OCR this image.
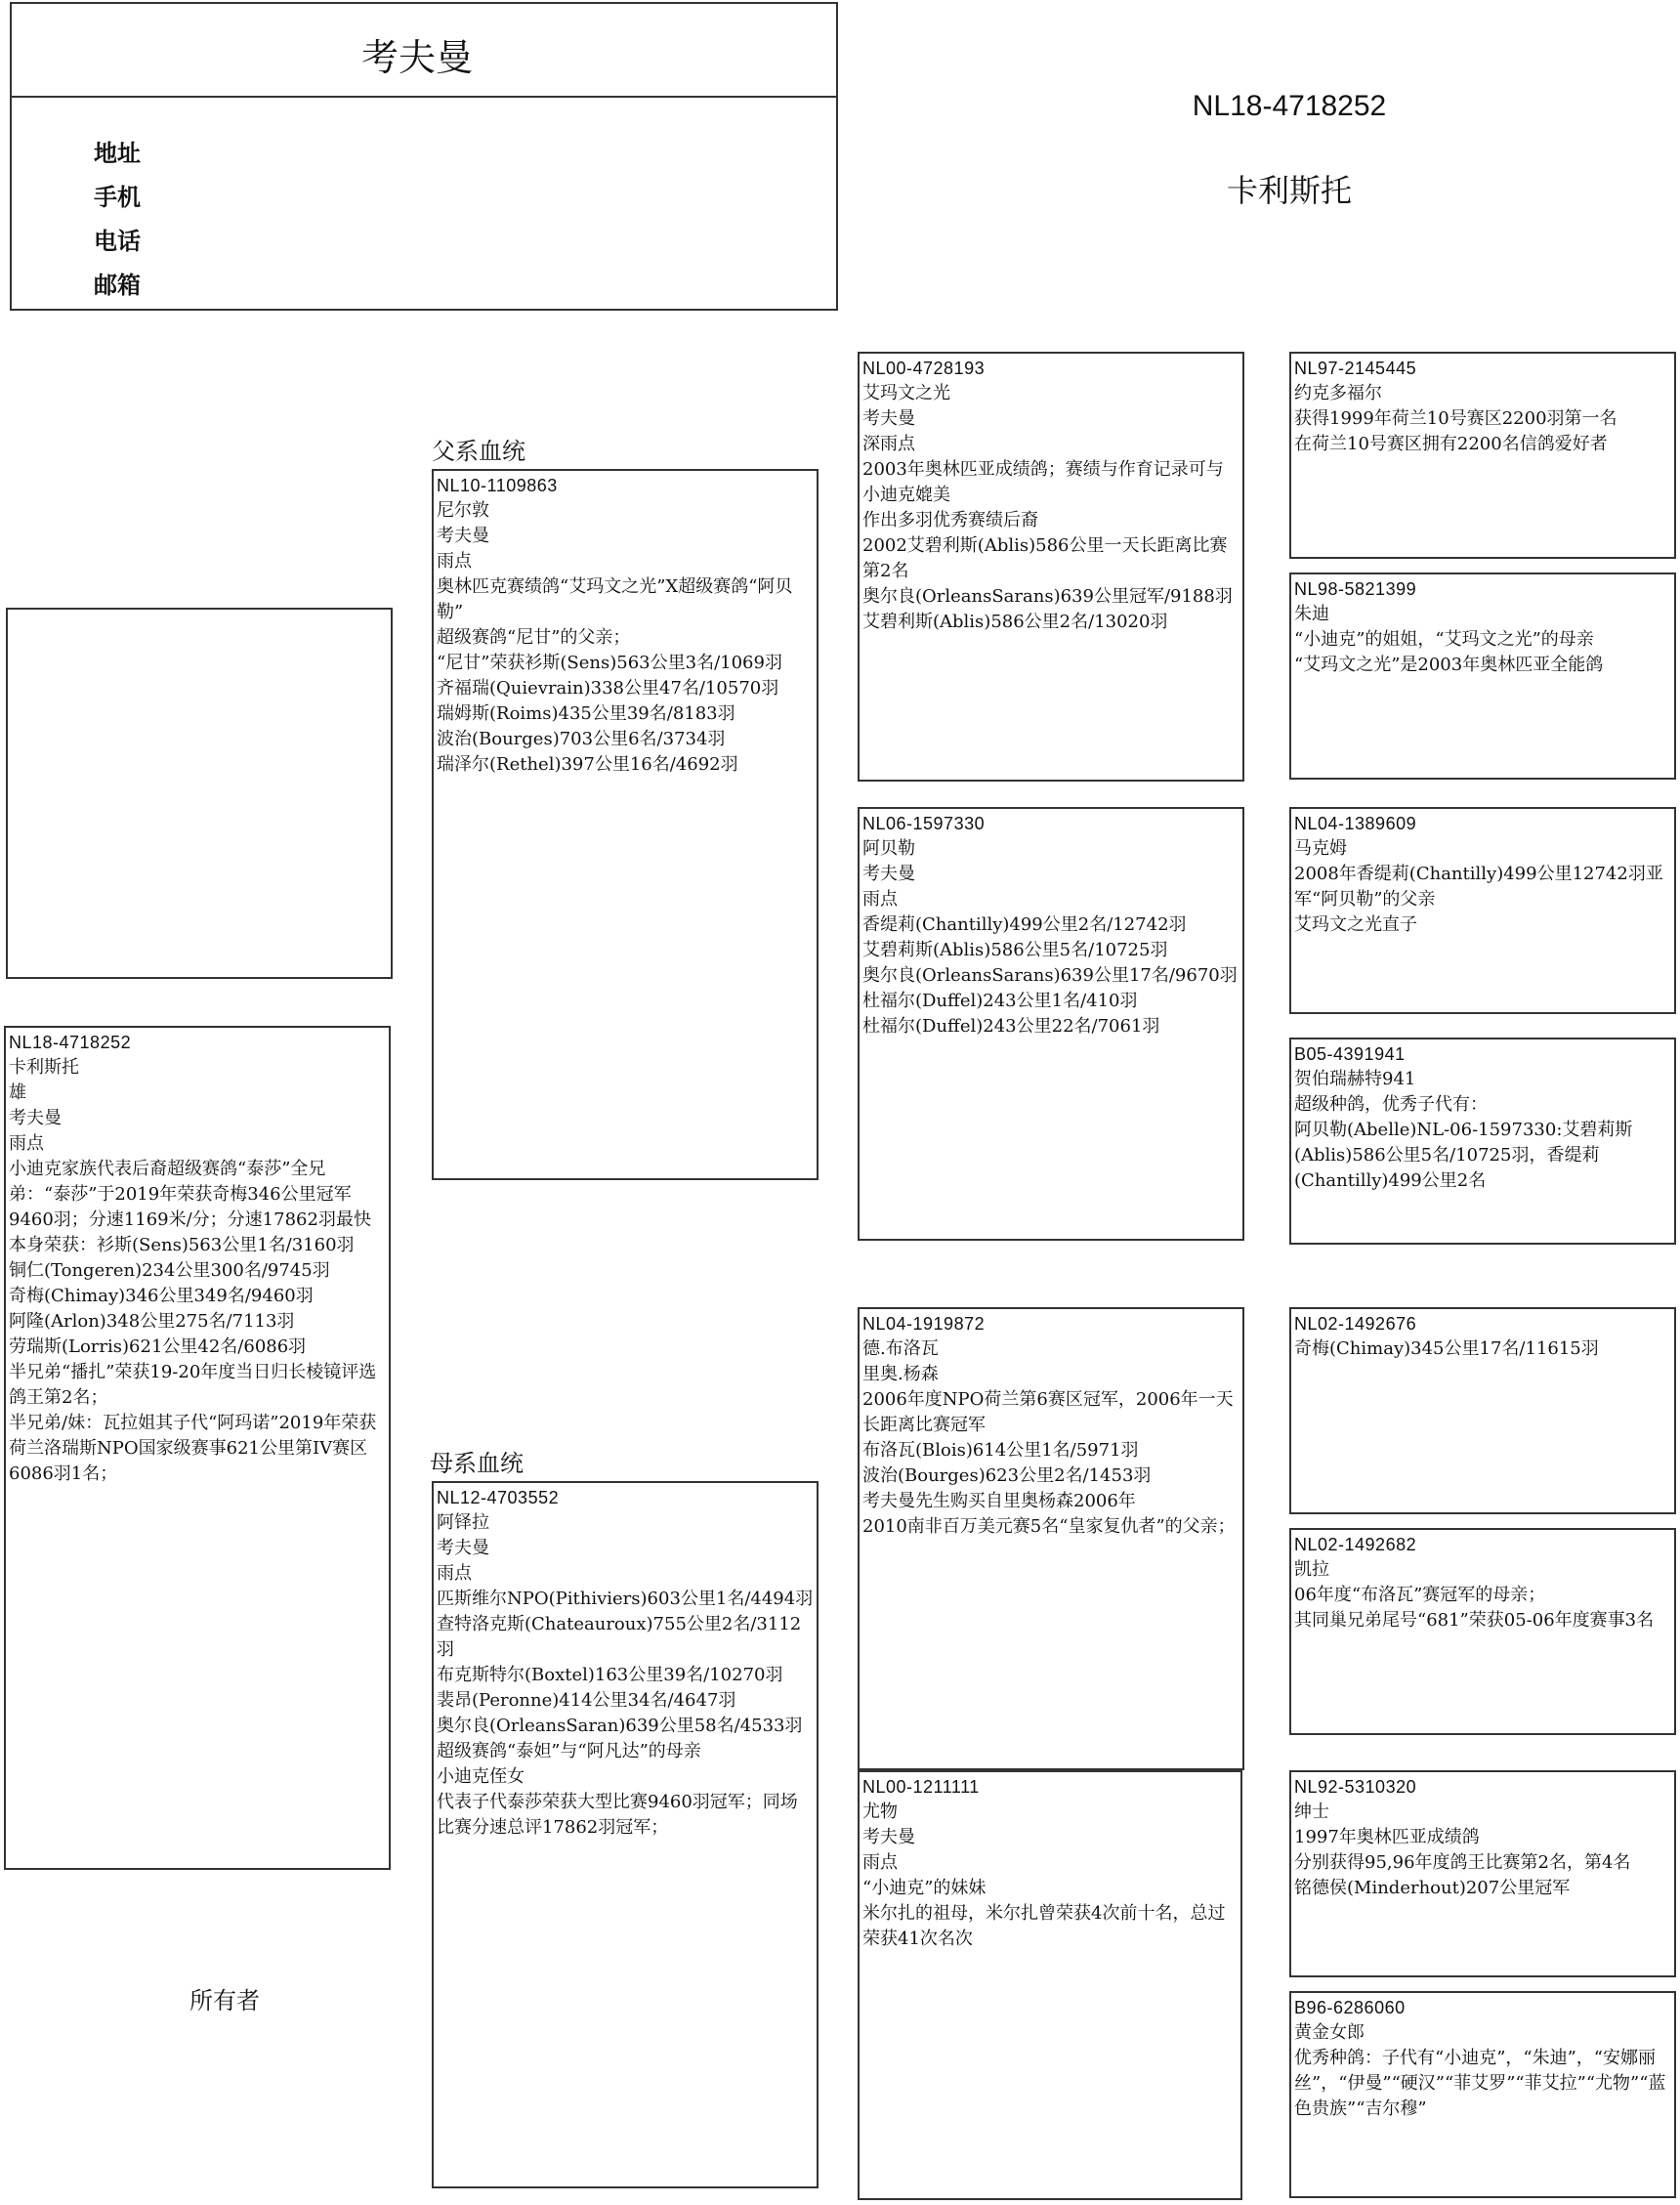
考夫曼
地址
手机
电话
邮箱
NL18-4718252
卡利斯托
NL18-4718252
卡利斯托
雄
考夫曼
雨点
小迪克家族代表后裔超级赛鸽“泰莎”全兄弟：“泰莎”于2019年荣获奇梅346公里冠军9460羽；分速1169米/分；分速17862羽最快
本身荣获：衫斯(Sens)563公里1名/3160羽
铜仁(Tongeren)234公里300名/9745羽
奇梅(Chimay)346公里349名/9460羽
阿隆(Arlon)348公里275名/7113羽
劳瑞斯(Lorris)621公里42名/6086羽
半兄弟“播扎”荣获19-20年度当日归长棱镜评选鸽王第2名；
半兄弟/妹：瓦拉姐其子代“阿玛诺”2019年荣获荷兰洛瑞斯NPO国家级赛事621公里第IV赛区6086羽1名；
父系血统
母系血统
NL10-1109863
尼尔敦
考夫曼
雨点
奥林匹克赛绩鸽“艾玛文之光”X超级赛鸽“阿贝勒”
超级赛鸽“尼甘”的父亲；
“尼甘”荣获衫斯(Sens)563公里3名/1069羽
齐福瑞(Quievrain)338公里47名/10570羽
瑞姆斯(Roims)435公里39名/8183羽
波治(Bourges)703公里6名/3734羽
瑞泽尔(Rethel)397公里16名/4692羽
NL12-4703552
阿铎拉
考夫曼
雨点
匹斯维尔NPO(Pithiviers)603公里1名/4494羽
查特洛克斯(Chateauroux)755公里2名/3112羽
布克斯特尔(Boxtel)163公里39名/10270羽
裴昂(Peronne)414公里34名/4647羽
奥尔良(OrleansSaran)639公里58名/4533羽
超级赛鸽“泰妲”与“阿凡达”的母亲
小迪克侄女
代表子代泰莎荣获大型比赛9460羽冠军；同场比赛分速总评17862羽冠军；
NL00-4728193
艾玛文之光
考夫曼
深雨点
2003年奥林匹亚成绩鸽；赛绩与作育记录可与小迪克媲美
作出多羽优秀赛绩后裔
2002艾碧利斯(Ablis)586公里一天长距离比赛第2名
奥尔良(OrleansSarans)639公里冠军/9188羽
艾碧利斯(Ablis)586公里2名/13020羽
NL06-1597330
阿贝勒
考夫曼
雨点
香缇莉(Chantilly)499公里2名/12742羽
艾碧莉斯(Ablis)586公里5名/10725羽
奥尔良(OrleansSarans)639公里17名/9670羽
杜福尔(Duffel)243公里1名/410羽
杜福尔(Duffel)243公里22名/7061羽
NL04-1919872
德.布洛瓦
里奥.杨森
2006年度NPO荷兰第6赛区冠军，2006年一天长距离比赛冠军
布洛瓦(Blois)614公里1名/5971羽
波治(Bourges)623公里2名/1453羽
考夫曼先生购买自里奥杨森2006年
2010南非百万美元赛5名“皇家复仇者”的父亲；
NL00-1211111
尤物
考夫曼
雨点
“小迪克”的妹妹
米尔扎的祖母，米尔扎曾荣获4次前十名，总过荣获41次名次
NL97-2145445
约克多福尔
获得1999年荷兰10号赛区2200羽第一名
在荷兰10号赛区拥有2200名信鸽爱好者
NL98-5821399
朱迪
“小迪克”的姐姐，“艾玛文之光”的母亲
“艾玛文之光”是2003年奥林匹亚全能鸽
NL04-1389609
马克姆
2008年香缇莉(Chantilly)499公里12742羽亚军“阿贝勒”的父亲
艾玛文之光直子
B05-4391941
贺伯瑞赫特941
超级种鸽，优秀子代有：
阿贝勒(Abelle)NL-06-1597330:艾碧莉斯(Ablis)586公里5名/10725羽，香缇莉(Chantilly)499公里2名
NL02-1492676
奇梅(Chimay)345公里17名/11615羽
NL02-1492682
凯拉
06年度“布洛瓦”赛冠军的母亲；
其同巢兄弟尾号“681”荣获05-06年度赛事3名
NL92-5310320
绅士
1997年奥林匹亚成绩鸽
分别获得95,96年度鸽王比赛第2名，第4名
铭德侯(Minderhout)207公里冠军
B96-6286060
黄金女郎
优秀种鸽：子代有“小迪克”，“朱迪”，“安娜丽丝”，“伊曼”“硬汉”“菲艾罗”“菲艾拉”“尤物”“蓝色贵族”“吉尔穆”
所有者
